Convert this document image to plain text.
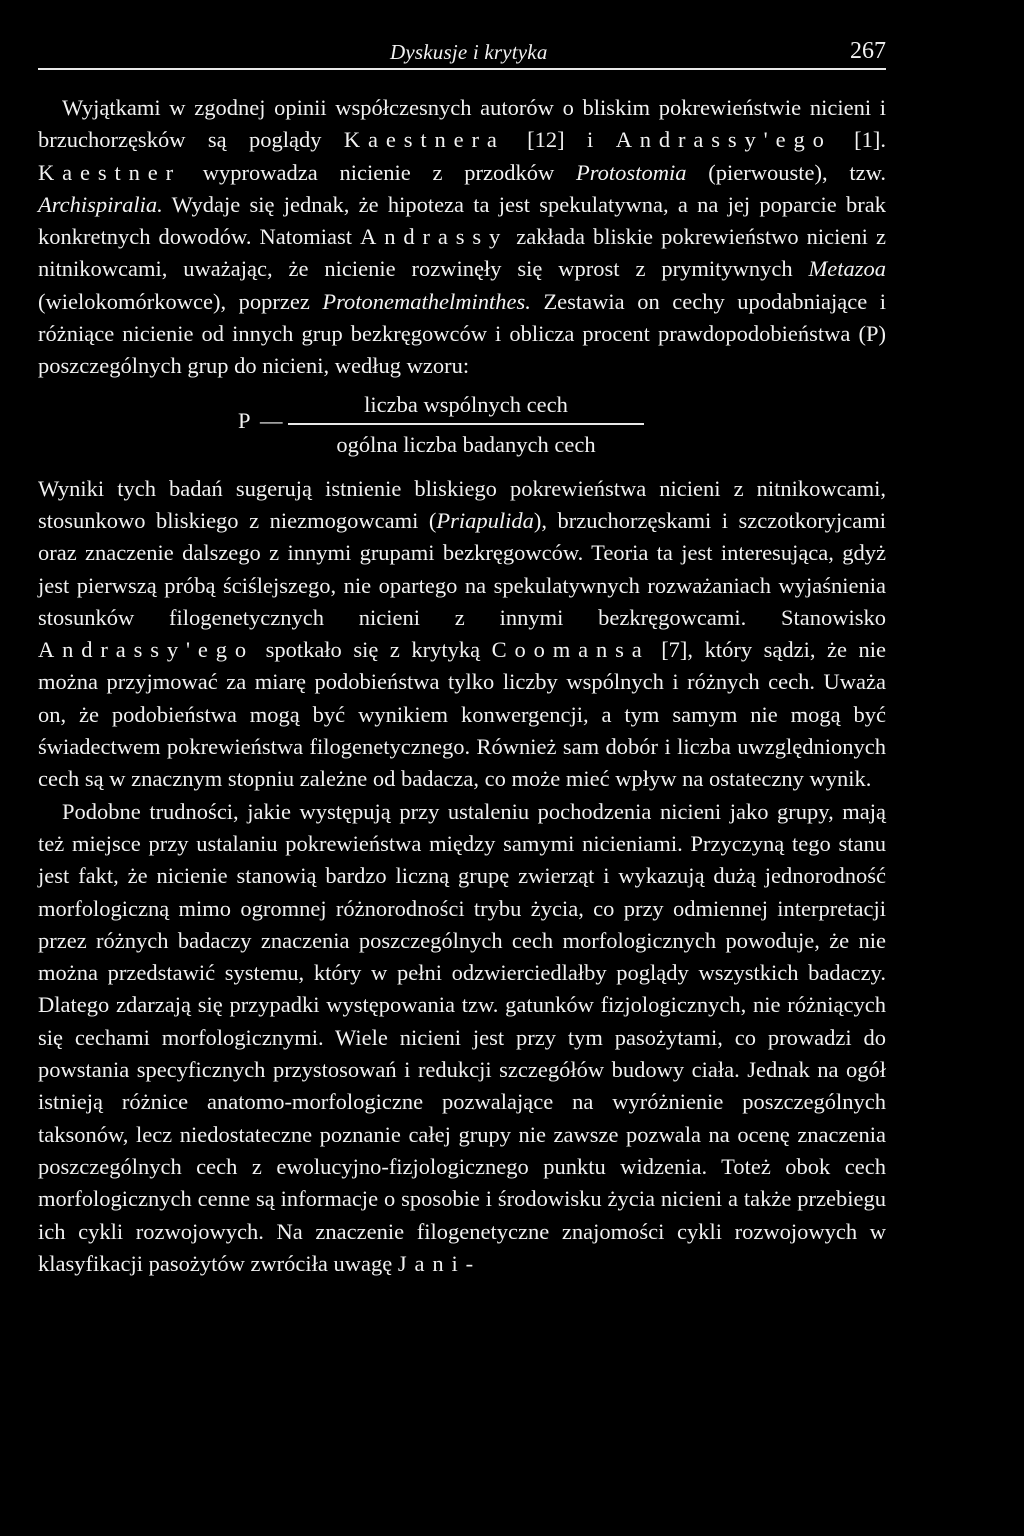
Dyskusje i krytyka	267

Wyjątkami w zgodnej opinii współczesnych autorów o bliskim pokrewieństwie nicieni i brzuchorzęsków są poglądy Kaestnera [12] i Andrassy'ego [1]. Kaestner wyprowadza nicienie z przodków Protostomia (pierwouste), tzw. Archispiralia. Wydaje się jednak, że hipoteza ta jest spekulatywna, a na jej poparcie brak konkretnych dowodów. Natomiast Andrassy zakłada bliskie pokrewieństwo nicieni z nitnikowcami, uważając, że nicienie rozwinęły się wprost z prymitywnych Metazoa (wielokomórkowce), poprzez Protonemathelminthes. Zestawia on cechy upodabniające i różniące nicienie od innych grup bezkręgowców i oblicza procent prawdopodobieństwa (P) poszczególnych grup do nicieni, według wzoru:

P —
liczba wspólnych cech
ogólna liczba badanych cech

Wyniki tych badań sugerują istnienie bliskiego pokrewieństwa nicieni z nitnikowcami, stosunkowo bliskiego z niezmogowcami (Priapulida), brzuchorzęskami i szczotkoryjcami oraz znaczenie dalszego z innymi grupami bezkręgowców. Teoria ta jest interesująca, gdyż jest pierwszą próbą ściślejszego, nie opartego na spekulatywnych rozważaniach wyjaśnienia stosunków filogenetycznych nicieni z innymi bezkręgowcami. Stanowisko Andrassy'ego spotkało się z krytyką Coomansa [7], który sądzi, że nie można przyjmować za miarę podobieństwa tylko liczby wspólnych i różnych cech. Uważa on, że podobieństwa mogą być wynikiem konwergencji, a tym samym nie mogą być świadectwem pokrewieństwa filogenetycznego. Również sam dobór i liczba uwzględnionych cech są w znacznym stopniu zależne od badacza, co może mieć wpływ na ostateczny wynik.

Podobne trudności, jakie występują przy ustaleniu pochodzenia nicieni jako grupy, mają też miejsce przy ustalaniu pokrewieństwa między samymi nicieniami. Przyczyną tego stanu jest fakt, że nicienie stanowią bardzo liczną grupę zwierząt i wykazują dużą jednorodność morfologiczną mimo ogromnej różnorodności trybu życia, co przy odmiennej interpretacji przez różnych badaczy znaczenia poszczególnych cech morfologicznych powoduje, że nie można przedstawić systemu, który w pełni odzwierciedlałby poglądy wszystkich badaczy. Dlatego zdarzają się przypadki występowania tzw. gatunków fizjologicznych, nie różniących się cechami morfologicznymi. Wiele nicieni jest przy tym pasożytami, co prowadzi do powstania specyficznych przystosowań i redukcji szczegółów budowy ciała. Jednak na ogół istnieją różnice anatomo-morfologiczne pozwalające na wyróżnienie poszczególnych taksonów, lecz niedostateczne poznanie całej grupy nie zawsze pozwala na ocenę znaczenia poszczególnych cech z ewolucyjno-fizjologicznego punktu widzenia. Toteż obok cech morfologicznych cenne są informacje o sposobie i środowisku życia nicieni a także przebiegu ich cykli rozwojowych. Na znaczenie filogenetyczne znajomości cykli rozwojowych w klasyfikacji pasożytów zwróciła uwagę Jani-
